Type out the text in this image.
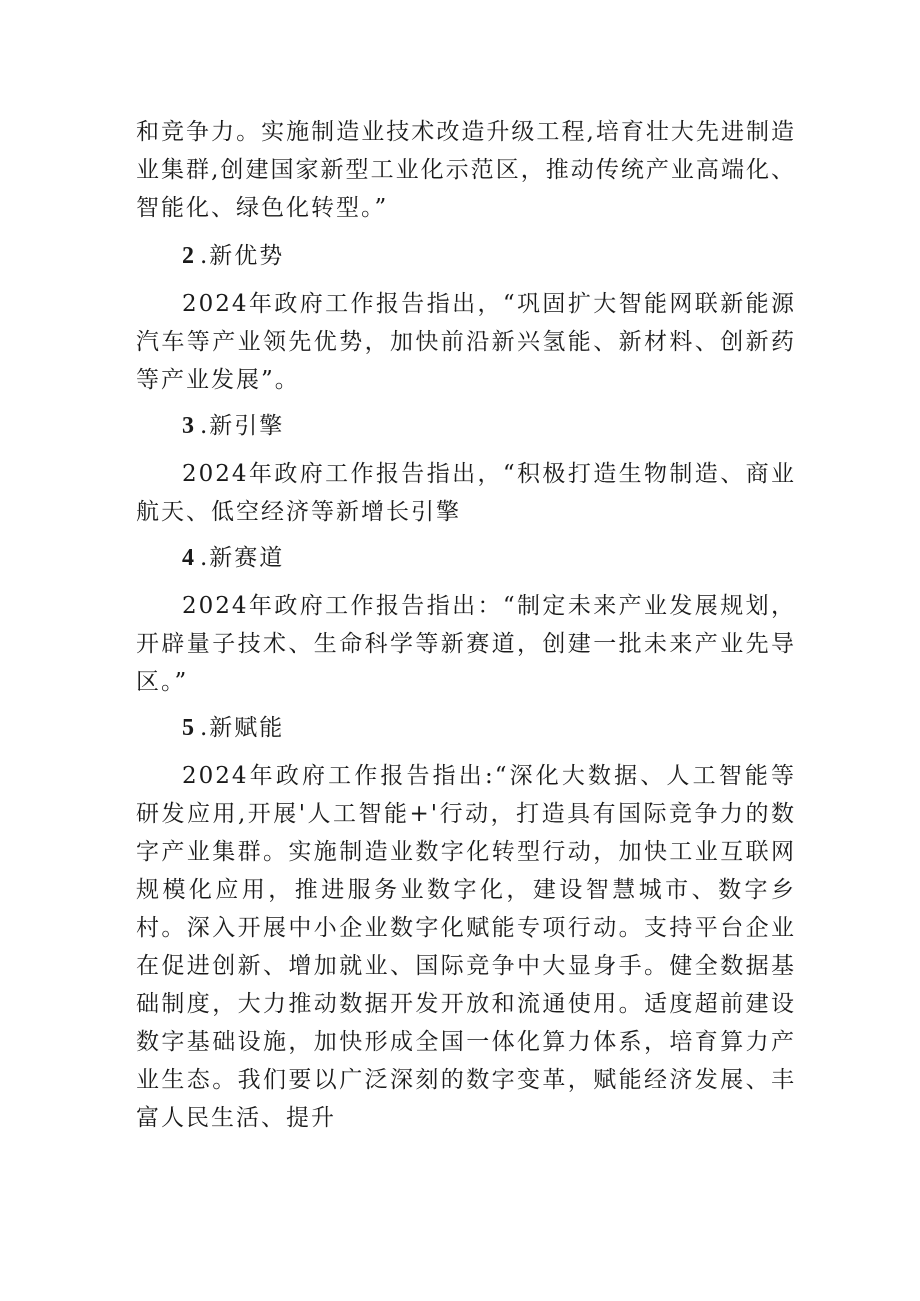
和竞争力。实施制造业技术改造升级工程,培育壮大先进制造业集群,创建国家新型工业化示范区，推动传统产业高端化、智能化、绿色化转型。”

2 .新优势

2024年政府工作报告指出，“巩固扩大智能网联新能源汽车等产业领先优势，加快前沿新兴氢能、新材料、创新药等产业发展”。

3 .新引擎

2024年政府工作报告指出，“积极打造生物制造、商业航天、低空经济等新增长引擎

4 .新赛道

2024年政府工作报告指出：“制定未来产业发展规划，开辟量子技术、生命科学等新赛道，创建一批未来产业先导区。”

5 .新赋能

2024年政府工作报告指出:“深化大数据、人工智能等研发应用,开展'人工智能+'行动，打造具有国际竞争力的数字产业集群。实施制造业数字化转型行动，加快工业互联网规模化应用，推进服务业数字化，建设智慧城市、数字乡村。深入开展中小企业数字化赋能专项行动。支持平台企业在促进创新、增加就业、国际竞争中大显身手。健全数据基础制度，大力推动数据开发开放和流通使用。适度超前建设数字基础设施，加快形成全国一体化算力体系，培育算力产业生态。我们要以广泛深刻的数字变革，赋能经济发展、丰富人民生活、提升
